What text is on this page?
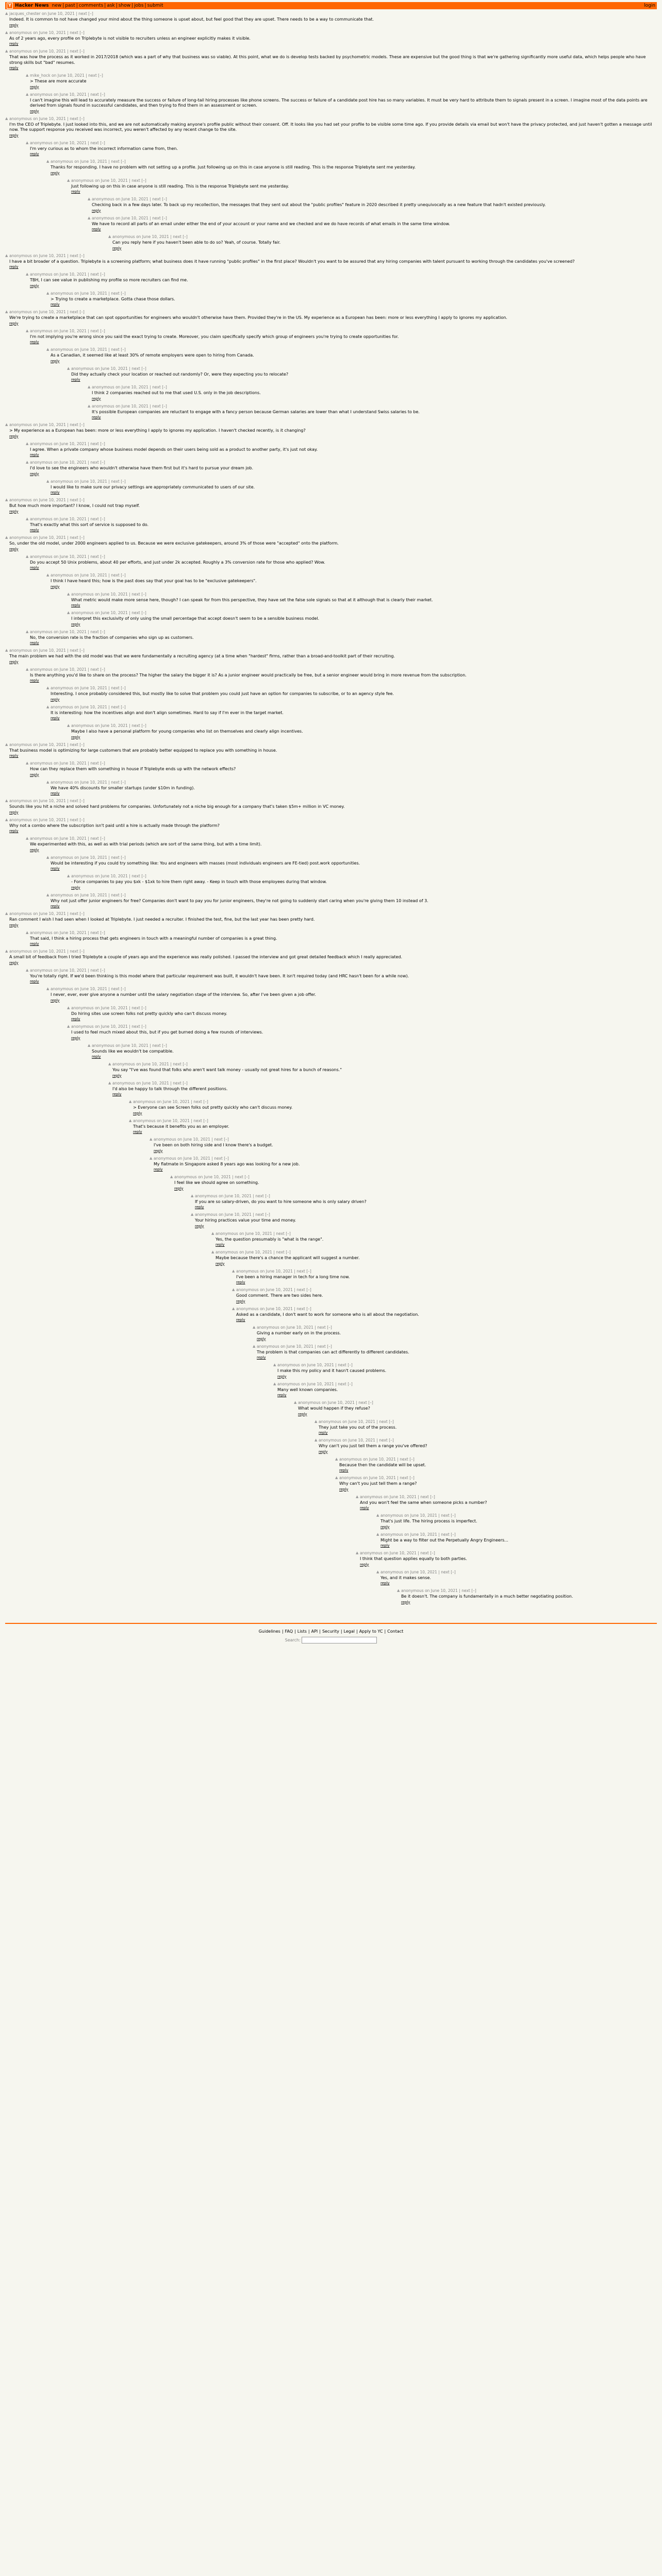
Y Hacker News new | past | comments | ask | show | jobs | submit	login
▲ jacques_chester on June 10, 2021 | next [–]
Indeed. It is common to not have changed your mind about the thing someone is upset about, but feel good that they are upset. There needs to be a way to communicate that.
reply
▲ anonymous on June 10, 2021 | next [–]
As of 2 years ago, every profile on Triplebyte is not visible to recruiters unless an engineer explicitly makes it visible.
reply
▲ anonymous on June 10, 2021 | next [–]
That was how the process as it worked in 2017/2018 (which was a part of why that business was so viable). At this point, what we do is develop tests backed by psychometric models. These are expensive but the good thing is that we're gathering significantly more useful data, which helps people who have strong skills but "bad" resumes.
reply
▲ mike_hock on June 10, 2021 | next [–]
> These are more accurate
reply
▲ anonymous on June 10, 2021 | next [–]
I can't imagine this will lead to accurately measure the success or failure of long-tail hiring processes like phone screens. The success or failure of a candidate post hire has so many variables. It must be very hard to attribute them to signals present in a screen. I imagine most of the data points are derived from signals found in successful candidates, and then trying to find them in an assessment or screen.
reply
▲ anonymous on June 10, 2021 | next [–]
I'm the CEO of Triplebyte. I just looked into this, and we are not automatically making anyone's profile public without their consent. Off. It looks like you had set your profile to be visible some time ago. If you provide details via email but won't have the privacy protected, and just haven't gotten a message until now. The support response you received was incorrect, you weren't affected by any recent change to the site.
reply
▲ anonymous on June 10, 2021 | next [–]
I'm very curious as to whom the incorrect information came from, then.
reply
▲ anonymous on June 10, 2021 | next [–]
Thanks for responding. I have no problem with not setting up a profile. Just following up on this in case anyone is still reading. This is the response Triplebyte sent me yesterday.
reply
▲ anonymous on June 10, 2021 | next [–]
Just following up on this in case anyone is still reading. This is the response Triplebyte sent me yesterday.
reply
▲ anonymous on June 10, 2021 | next [–]
Checking back in a few days later. To back up my recollection, the messages that they sent out about the "public profiles" feature in 2020 described it pretty unequivocally as a new feature that hadn't existed previously.
reply
▲ anonymous on June 10, 2021 | next [–]
We have to record all parts of an email under either the end of your account or your name and we checked and we do have records of what emails in the same time window.
reply
▲ anonymous on June 10, 2021 | next [–]
Can you reply here if you haven't been able to do so? Yeah, of course. Totally fair.
reply
▲ anonymous on June 10, 2021 | next [–]
I have a bit broader of a question. Triplebyte is a screening platform; what business does it have running "public profiles" in the first place? Wouldn't you want to be assured that any hiring companies with talent pursuant to working through the candidates you've screened?
reply
▲ anonymous on June 10, 2021 | next [–]
TBH, I can see value in publishing my profile so more recruiters can find me.
reply
▲ anonymous on June 10, 2021 | next [–]
> Trying to create a marketplace. Gotta chase those dollars.
reply
▲ anonymous on June 10, 2021 | next [–]
We're trying to create a marketplace that can spot opportunities for engineers who wouldn't otherwise have them. Provided they're in the US. My experience as a European has been: more or less everything I apply to ignores my application.
reply
▲ anonymous on June 10, 2021 | next [–]
I'm not implying you're wrong since you said the exact trying to create. Moreover, you claim specifically specify which group of engineers you're trying to create opportunities for.
reply
▲ anonymous on June 10, 2021 | next [–]
As a Canadian, it seemed like at least 30% of remote employers were open to hiring from Canada.
reply
▲ anonymous on June 10, 2021 | next [–]
Did they actually check your location or reached out randomly? Or, were they expecting you to relocate?
reply
▲ anonymous on June 10, 2021 | next [–]
I think 2 companies reached out to me that used U.S. only in the job descriptions.
reply
▲ anonymous on June 10, 2021 | next [–]
It's possible European companies are reluctant to engage with a fancy person because German salaries are lower than what I understand Swiss salaries to be.
reply
▲ anonymous on June 10, 2021 | next [–]
> My experience as a European has been: more or less everything I apply to ignores my application. I haven't checked recently, is it changing?
reply
▲ anonymous on June 10, 2021 | next [–]
I agree. When a private company whose business model depends on their users being sold as a product to another party, it's just not okay.
reply
▲ anonymous on June 10, 2021 | next [–]
I'd love to see the engineers who wouldn't otherwise have them first but it's hard to pursue your dream job.
reply
▲ anonymous on June 10, 2021 | next [–]
I would like to make sure our privacy settings are appropriately communicated to users of our site.
reply
▲ anonymous on June 10, 2021 | next [–]
But how much more important? I know, I could not trap myself.
reply
▲ anonymous on June 10, 2021 | next [–]
That's exactly what this sort of service is supposed to do.
reply
▲ anonymous on June 10, 2021 | next [–]
So, under the old model, under 2000 engineers applied to us. Because we were exclusive gatekeepers, around 3% of those were "accepted" onto the platform.
reply
▲ anonymous on June 10, 2021 | next [–]
Do you accept 50 Unix problems, about 40 per efforts, and just under 2k accepted. Roughly a 3% conversion rate for those who applied? Wow.
reply
▲ anonymous on June 10, 2021 | next [–]
I think I have heard this; how is the past does say that your goal has to be "exclusive gatekeepers".
reply
▲ anonymous on June 10, 2021 | next [–]
What metric would make more sense here, though? I can speak for from this perspective, they have set the false sole signals so that at it although that is clearly their market.
reply
▲ anonymous on June 10, 2021 | next [–]
I interpret this exclusivity of only using the small percentage that accept doesn't seem to be a sensible business model.
reply
▲ anonymous on June 10, 2021 | next [–]
No, the conversion rate is the fraction of companies who sign up as customers.
reply
▲ anonymous on June 10, 2021 | next [–]
The main problem we had with the old model was that we were fundamentally a recruiting agency (at a time when "hardest" firms, rather than a broad-and-toolkit part of their recruiting.
reply
▲ anonymous on June 10, 2021 | next [–]
Is there anything you'd like to share on the process? The higher the salary the bigger it is? As a junior engineer would practically be free, but a senior engineer would bring in more revenue from the subscription.
reply
▲ anonymous on June 10, 2021 | next [–]
Interesting. I once probably considered this, but mostly like to solve that problem you could just have an option for companies to subscribe, or to an agency style fee.
reply
▲ anonymous on June 10, 2021 | next [–]
It is interesting: how the incentives align and don't align sometimes. Hard to say if I'm ever in the target market.
reply
▲ anonymous on June 10, 2021 | next [–]
Maybe I also have a personal platform for young companies who list on themselves and clearly align incentives.
reply
▲ anonymous on June 10, 2021 | next [–]
That business model is optimizing for large customers that are probably better equipped to replace you with something in house.
reply
▲ anonymous on June 10, 2021 | next [–]
How can they replace them with something in house if Triplebyte ends up with the network effects?
reply
▲ anonymous on June 10, 2021 | next [–]
We have 40% discounts for smaller startups (under $10m in funding).
reply
▲ anonymous on June 10, 2021 | next [–]
Sounds like you hit a niche and solved hard problems for companies. Unfortunately not a niche big enough for a company that's taken $5m+ million in VC money.
reply
▲ anonymous on June 10, 2021 | next [–]
Why not a combo where the subscription isn't paid until a hire is actually made through the platform?
reply
▲ anonymous on June 10, 2021 | next [–]
We experimented with this, as well as with trial periods (which are sort of the same thing, but with a time limit).
reply
▲ anonymous on June 10, 2021 | next [–]
Would be interesting if you could try something like: You and engineers with masses (most individuals engineers are FE-tied) post.work opportunities.
reply
▲ anonymous on June 10, 2021 | next [–]
- Force companies to pay you $xk - $1xk to hire them right away. - Keep in touch with those employees during that window.
reply
▲ anonymous on June 10, 2021 | next [–]
Why not just offer junior engineers for free? Companies don't want to pay you for junior engineers, they're not going to suddenly start caring when you're giving them 10 instead of 3.
reply
▲ anonymous on June 10, 2021 | next [–]
Ran comment I wish I had seen when I looked at Triplebyte. I just needed a recruiter. I finished the test, fine, but the last year has been pretty hard.
reply
▲ anonymous on June 10, 2021 | next [–]
That said, I think a hiring process that gets engineers in touch with a meaningful number of companies is a great thing.
reply
▲ anonymous on June 10, 2021 | next [–]
A small bit of feedback from I tried Triplebyte a couple of years ago and the experience was really polished. I passed the interview and got great detailed feedback which I really appreciated.
reply
▲ anonymous on June 10, 2021 | next [–]
You're totally right. If we'd been thinking is this model where that particular requirement was built, it wouldn't have been. It isn't required today (and HRC hasn't been for a while now).
reply
▲ anonymous on June 10, 2021 | next [–]
I never, ever, ever give anyone a number until the salary negotiation stage of the interview. So, after I've been given a job offer.
reply
▲ anonymous on June 10, 2021 | next [–]
Do hiring sites use screen folks not pretty quickly who can't discuss money.
reply
▲ anonymous on June 10, 2021 | next [–]
I used to feel much mixed about this, but if you get burned doing a few rounds of interviews.
reply
▲ anonymous on June 10, 2021 | next [–]
Sounds like we wouldn't be compatible.
reply
▲ anonymous on June 10, 2021 | next [–]
You say "I've was found that folks who aren't want talk money - usually not great hires for a bunch of reasons."
reply
▲ anonymous on June 10, 2021 | next [–]
I'd also be happy to talk through the different positions.
reply
▲ anonymous on June 10, 2021 | next [–]
> Everyone can see Screen folks out pretty quickly who can't discuss money.
reply
▲ anonymous on June 10, 2021 | next [–]
That's because it benefits you as an employer.
reply
▲ anonymous on June 10, 2021 | next [–]
I've been on both hiring side and I know there's a budget.
reply
▲ anonymous on June 10, 2021 | next [–]
My flatmate in Singapore asked 8 years ago was looking for a new job.
reply
▲ anonymous on June 10, 2021 | next [–]
I feel like we should agree on something.
reply
▲ anonymous on June 10, 2021 | next [–]
If you are so salary-driven, do you want to hire someone who is only salary driven?
reply
▲ anonymous on June 10, 2021 | next [–]
Your hiring practices value your time and money.
reply
▲ anonymous on June 10, 2021 | next [–]
Yes, the question presumably is "what is the range".
reply
▲ anonymous on June 10, 2021 | next [–]
Maybe because there's a chance the applicant will suggest a number.
reply
▲ anonymous on June 10, 2021 | next [–]
I've been a hiring manager in tech for a long time now.
reply
▲ anonymous on June 10, 2021 | next [–]
Good comment. There are two sides here.
reply
▲ anonymous on June 10, 2021 | next [–]
Asked as a candidate, I don't want to work for someone who is all about the negotiation.
reply
▲ anonymous on June 10, 2021 | next [–]
Giving a number early on in the process.
reply
▲ anonymous on June 10, 2021 | next [–]
The problem is that companies can act differently to different candidates.
reply
▲ anonymous on June 10, 2021 | next [–]
I make this my policy and it hasn't caused problems.
reply
▲ anonymous on June 10, 2021 | next [–]
Many well known companies.
reply
▲ anonymous on June 10, 2021 | next [–]
What would happen if they refuse?
reply
▲ anonymous on June 10, 2021 | next [–]
They just take you out of the process.
reply
▲ anonymous on June 10, 2021 | next [–]
Why can't you just tell them a range you've offered?
reply
▲ anonymous on June 10, 2021 | next [–]
Because then the candidate will be upset.
reply
▲ anonymous on June 10, 2021 | next [–]
Why can't you just tell them a range?
reply
▲ anonymous on June 10, 2021 | next [–]
And you won't feel the same when someone picks a number?
reply
▲ anonymous on June 10, 2021 | next [–]
That's just life. The hiring process is imperfect.
reply
▲ anonymous on June 10, 2021 | next [–]
Might be a way to filter out the Perpetually Angry Engineers...
reply
▲ anonymous on June 10, 2021 | next [–]
I think that question applies equally to both parties.
reply
▲ anonymous on June 10, 2021 | next [–]
Yes, and it makes sense.
reply
▲ anonymous on June 10, 2021 | next [–]
Be it doesn't. The company is fundamentally in a much better negotiating position.
reply
Guidelines | FAQ | Lists | API | Security | Legal | Apply to YC | Contact
Search:
